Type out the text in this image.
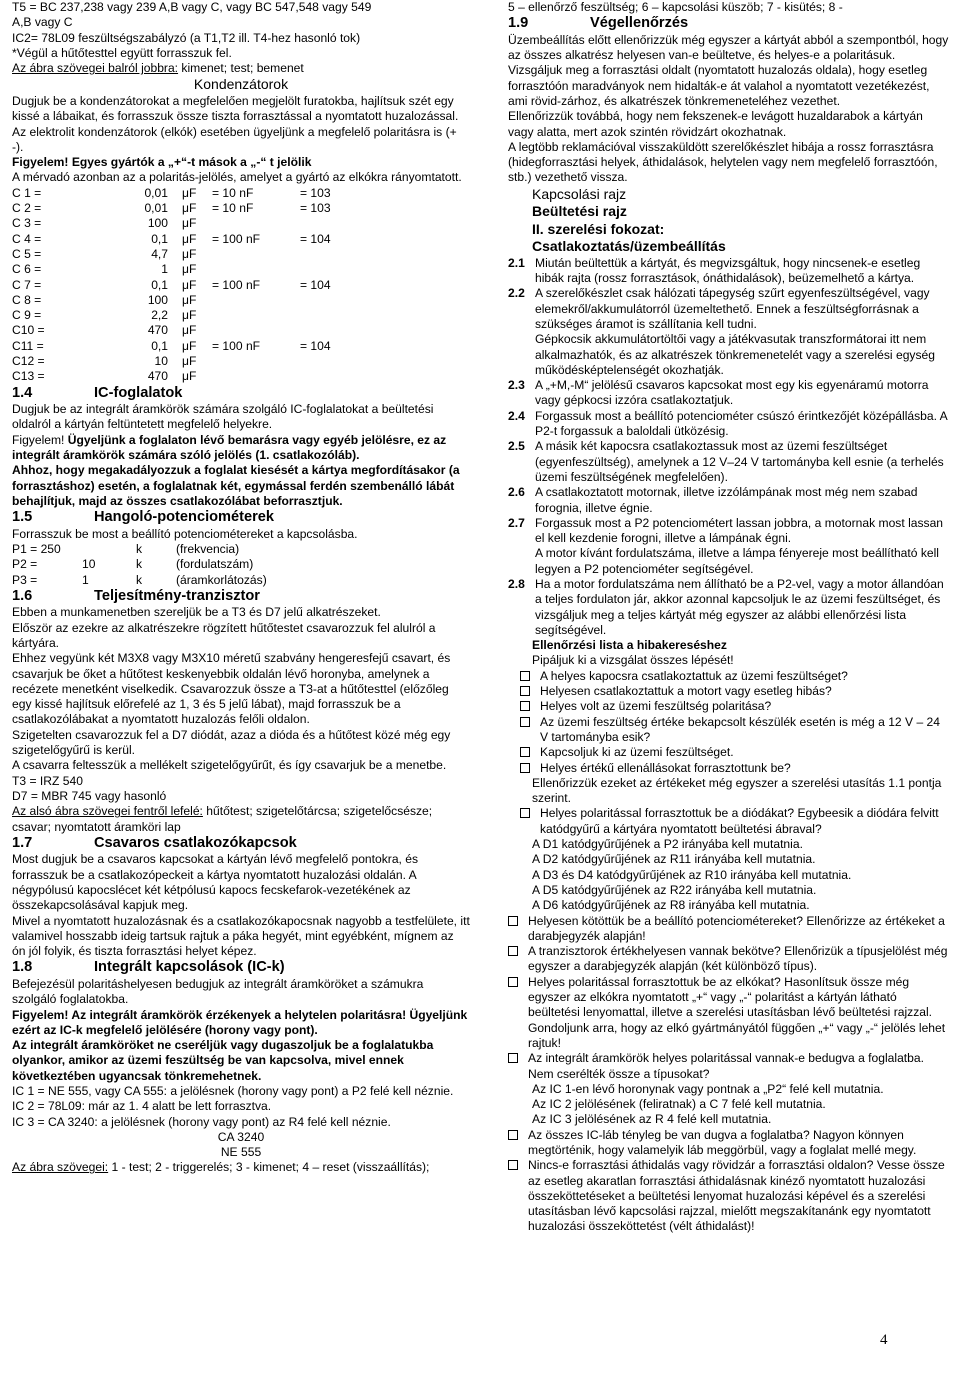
T5 = BC 237,238 vagy 239 A,B vagy C, vagy BC 547,548 vagy 549

A,B vagy C

IC2= 78L09 feszültségszabályzó (a T1,T2 ill. T4-hez hasonló tok)

*Végül a hűtőtesttel együtt forrasszuk fel.

Az ábra szövegei balról jobbra: kimenet; test; bemenet

Kondenzátorok

Dugjuk be a kondenzátorokat a megfelelően megjelölt furatokba, hajlítsuk szét egy kissé a lábaikat, és forrasszuk össze tiszta forrasztással a nyomtatott huzalozással. Az elektrolit kondenzátorok (elkók) esetében ügyeljünk a megfelelő polaritásra is (+ -).

Figyelem! Egyes gyártók a „+“-t mások a „-“ t jelölik

A mérvadó azonban az a polaritás-jelölés, amelyet a gyártó az elkókra rányomtatott.

C 1 =	0,01	μF	= 10 nF	= 103
C 2 =	0,01	μF	= 10 nF	= 103
C 3 =	100	μF
C 4 =	0,1	μF	= 100 nF	= 104
C 5 =	4,7	μF
C 6 =	1	μF
C 7 =	0,1	μF	= 100 nF	= 104
C 8 =	100	μF
C 9 =	2,2	μF
C10 =	470	μF
C11 =	0,1	μF	= 100 nF	= 104
C12 =	10	μF
C13 =	470	μF

1.4	IC-foglalatok

Dugjuk be az integrált áramkörök számára szolgáló IC-foglalatokat a beültetési oldalról a kártyán feltüntetett megfelelő helyekre.

Figyelem! Ügyeljünk a foglalaton lévő bemarásra vagy egyéb jelölésre, ez az integrált áramkörök számára szóló jelölés (1. csatlakozóláb).

Ahhoz, hogy megakadályozzuk a foglalat kiesését a kártya megfordításakor (a forrasztáshoz) esetén, a foglalatnak két, egymással ferdén szembenálló lábát behajlítjuk, majd az összes csatlakozólábat beforrasztjuk.

1.5	Hangoló-potenciométerek

Forrasszuk be most a beállító potenciométereket a kapcsolásba.

P1 = 250	k	(frekvencia)
P2 =	10	k	(fordulatszám)
P3 =	1	k	(áramkorlátozás)

1.6	Teljesítmény-tranzisztor

Ebben a munkamenetben szereljük be a T3 és D7 jelű alkatrészeket.

Először az ezekre az alkatrészekre rögzített hűtőtestet csavarozzuk fel alulról a kártyára.

Ehhez vegyünk két M3X8 vagy M3X10 méretű szabvány hengeresfejű csavart, és csavarjuk be őket a hűtőtest keskenyebbik oldalán lévő horonyba, amelynek a recézete menetként viselkedik. Csavarozzuk össze a T3-at a hűtőtesttel (előzőleg egy kissé hajlítsuk előrefelé az 1, 3 és 5 jelű lábat), majd forrasszuk be a csatlakozólábakat a nyomtatott huzalozás felőli oldalon.

Szigetelten csavarozzuk fel a D7 diódát, azaz a dióda és a hűtőtest közé még egy szigetelőgyűrű is kerül.

A csavarra feltesszük a mellékelt szigetelőgyűrűt, és így csavarjuk be a menetbe.

T3 = IRZ 540

D7 = MBR 745 vagy hasonló

Az alsó ábra szövegei fentről lefelé: hűtőtest; szigetelőtárcsa; szigetelőcsésze; csavar; nyomtatott áramköri lap

1.7	Csavaros csatlakozókapcsok

Most dugjuk be a csavaros kapcsokat a kártyán lévő megfelelő pontokra, és forrasszuk be a csatlakozópeckeit a kártya nyomtatott huzalozási oldalán. A négypólusú kapocslécet két kétpólusú kapocs fecskefarok-vezetékének az összekapcsolásával kapjuk meg.

Mivel a nyomtatott huzalozásnak és a csatlakozókapocsnak nagyobb a testfelülete, itt valamivel hosszabb ideig tartsuk rajtuk a páka hegyét, mint egyébként, mígnem az ón jól folyik, és tiszta forrasztási helyet képez.

1.8	Integrált kapcsolások (IC-k)

Befejezésül polaritáshelyesen bedugjuk az integrált áramköröket a számukra szolgáló foglalatokba.

Figyelem! Az integrált áramkörök érzékenyek a helytelen polaritásra! Ügyeljünk ezért az IC-k megfelelő jelölésére (horony vagy pont).

Az integrált áramköröket ne cseréljük vagy dugaszoljuk be a foglalatukba olyankor, amikor az üzemi feszültség be van kapcsolva, mivel ennek következtében ugyancsak tönkremehetnek.

IC 1 = NE 555, vagy CA 555: a jelölésnek (horony vagy pont) a P2 felé kell néznie.

IC 2 = 78L09: már az 1. 4 alatt be lett forrasztva.

IC 3 = CA 3240: a jelölésnek (horony vagy pont) az R4 felé kell néznie.

CA 3240

NE 555

Az ábra szövegei: 1 - test; 2 - triggerelés; 3 - kimenet; 4 – reset (visszaállítás);

5 – ellenőrző feszültség; 6 – kapcsolási küszöb; 7 - kisütés; 8 -

1.9	Végellenőrzés

Üzembeállítás előtt ellenőrizzük még egyszer a kártyát abból a szempontból, hogy az összes alkatrész helyesen van-e beültetve, és helyes-e a polaritásuk. Vizsgáljuk meg a forrasztási oldalt (nyomtatott huzalozás oldala), hogy esetleg forrasztóón maradványok nem hidalták-e át valahol a nyomtatott vezetékezést, ami rövid-zárhoz, és alkatrészek tönkremeneteléhez vezethet.

Ellenőrizzük továbbá, hogy nem fekszenek-e levágott huzaldarabok a kártyán vagy alatta, mert azok szintén rövidzárt okozhatnak.

A legtöbb reklamációval visszaküldött szerelőkészlet hibája a rossz forrasztásra (hidegforrasztási helyek, áthidalások, helytelen vagy nem megfelelő forrasztóón, stb.) vezethető vissza.

Kapcsolási rajz

Beültetési rajz

II. szerelési fokozat:

Csatlakoztatás/üzembeállítás

2.1 Miután beültettük a kártyát, és megvizsgáltuk, hogy nincsenek-e esetleg hibák rajta (rossz forrasztások, ónáthidalások), beüzemelhető a kártya.
2.2 A szerelőkészlet csak hálózati tápegység szűrt egyenfeszültségével, vagy elemekről/akkumulátorról üzemeltethető. Ennek a feszültségforrásnak a szükséges áramot is szállítania kell tudni.
Gépkocsik akkumulátortöltői vagy a játékvasutak transzformátorai itt nem alkalmazhatók, és az alkatrészek tönkremenetelét vagy a szerelési egység működésképtelenségét okozhatják.
2.3 A „+M,-M“ jelölésű csavaros kapcsokat most egy kis egyenáramú motorra vagy gépkocsi izzóra csatlakoztatjuk.
2.4 Forgassuk most a beállító potenciométer csúszó érintkezőjét középállásba. A P2-t forgassuk a baloldali ütközésig.
2.5 A másik két kapocsra csatlakoztassuk most az üzemi feszültséget (egyenfeszültség), amelynek a 12 V–24 V tartományba kell esnie (a terhelés üzemi feszültségének megfelelően).
2.6 A csatlakoztatott motornak, illetve izzólámpának most még nem szabad forognia, illetve égnie.
2.7 Forgassuk most a P2 potenciométert lassan jobbra, a motornak most lassan el kell kezdenie forogni, illetve a lámpának égni.
A motor kívánt fordulatszáma, illetve a lámpa fényereje most beállítható kell legyen a P2 potenciométer segítségével.
2.8 Ha a motor fordulatszáma nem állítható be a P2-vel, vagy a motor állandóan a teljes fordulaton jár, akkor azonnal kapcsoljuk le az üzemi feszültséget, és vizsgáljuk meg a teljes kártyát még egyszer az alábbi ellenőrzési lista segítségével.

Ellenőrzési lista a hibakereséshez

Pipáljuk ki a vizsgálat összes lépését!

A helyes kapocsra csatlakoztattuk az üzemi feszültséget?
Helyesen csatlakoztattuk a motort vagy esetleg hibás?
Helyes volt az üzemi feszültség polaritása?
Az üzemi feszültség értéke bekapcsolt készülék esetén is még a 12 V – 24 V tartományba esik?
Kapcsoljuk ki az üzemi feszültséget.
Helyes értékű ellenállásokat forrasztottunk be?

Ellenőrizzük ezeket az értékeket még egyszer a szerelési utasítás 1.1 pontja szerint.

Helyes polaritással forrasztottuk be a diódákat? Egybeesik a diódára felvitt katódgyűrű a kártyára nyomtatott beültetési ábraval?

A D1 katódgyűrűjének a P2 irányába kell mutatnia.

A D2 katódgyűrűjének az R11 irányába kell mutatnia.

A D3 és D4 katódgyűrűjének az R10 irányába kell mutatnia.

A D5 katódgyűrűjének az R22 irányába kell mutatnia.

A D6 katódgyűrűjének az R8 irányába kell mutatnia.

Helyesen kötöttük be a beállító potenciométereket? Ellenőrizze az értékeket a darabjegyzék alapján!
A tranzisztorok értékhelyesen vannak bekötve? Ellenőrizük a típusjelölést még egyszer a darabjegyzék alapján (két különböző típus).
Helyes polaritással forrasztottuk be az elkókat? Hasonlítsuk össze még egyszer az elkókra nyomtatott „+“ vagy „-“ polaritást a kártyán látható beültetési lenyomattal, illetve a szerelési utasításban lévő beültetési rajzzal. Gondoljunk arra, hogy az elkó gyártmányától függően „+“ vagy „-“ jelölés lehet rajtuk!
Az integrált áramkörök helyes polaritással vannak-e bedugva a foglalatba. Nem cserélték össze a típusokat?

Az IC 1-en lévő horonynak vagy pontnak a „P2“ felé kell mutatnia.

Az IC 2 jelölésének (feliratnak) a C 7 felé kell mutatnia.

Az IC 3 jelölésének az R 4 felé kell mutatnia.

Az összes IC-láb tényleg be van dugva a foglalatba? Nagyon könnyen megtörténik, hogy valamelyik láb meggörbül, vagy a foglalat mellé megy.
Nincs-e forrasztási áthidalás vagy rövidzár a forrasztási oldalon? Vesse össze az esetleg akaratlan forrasztási áthidalásnak kinéző nyomtatott huzalozási összeköttetéseket a beültetési lenyomat huzalozási képével és a szerelési utasításban lévő kapcsolási rajzzal, mielőtt megszakítanánk egy nyomtatott huzalozási összeköttetést (vélt áthidalást)!
4
